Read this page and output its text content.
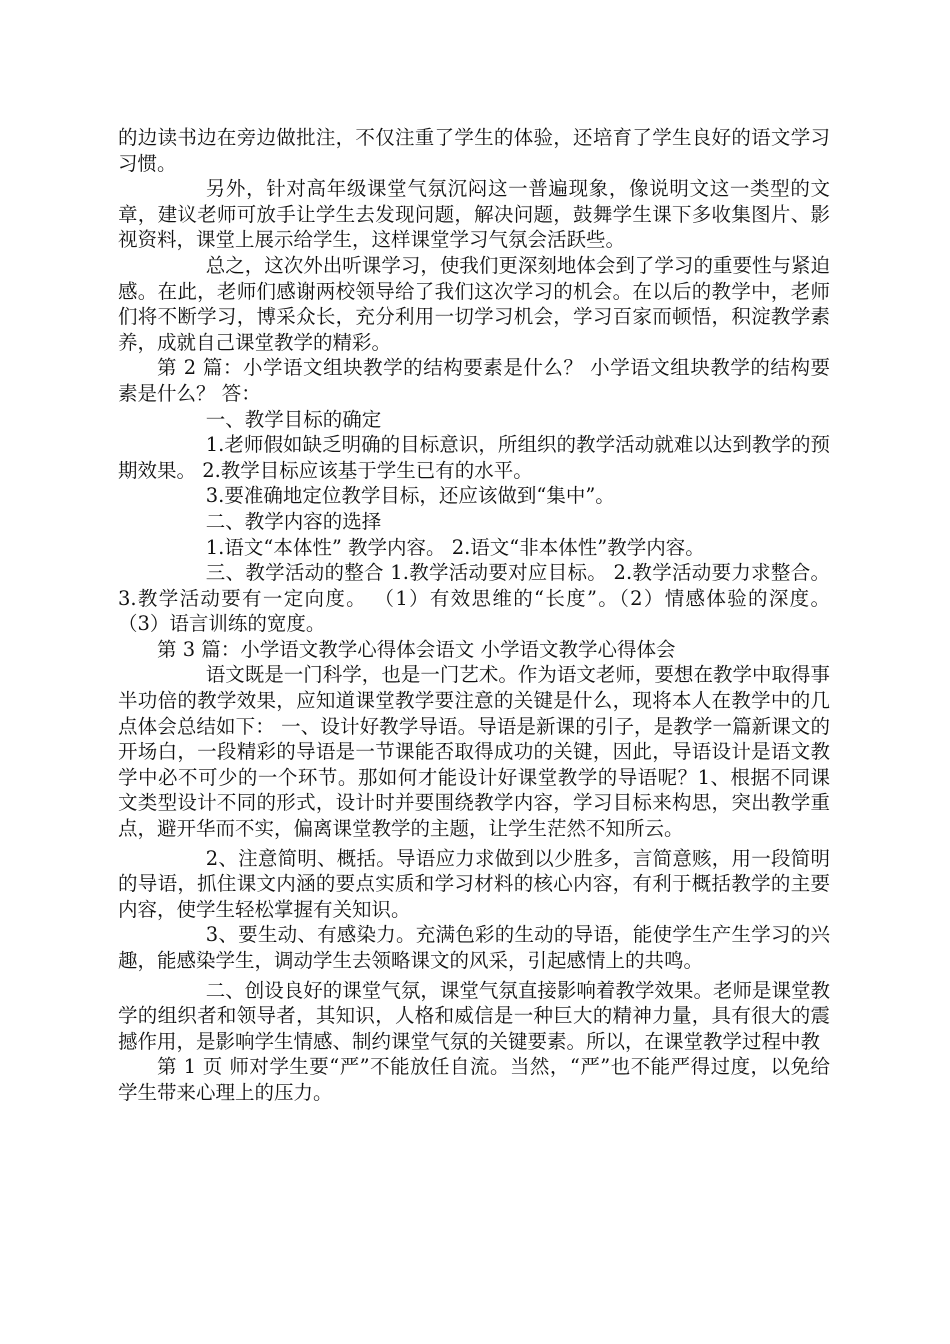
的边读书边在旁边做批注，不仅注重了学生的体验，还培育了学生良好的语文学习习惯。

另外，针对高年级课堂气氛沉闷这一普遍现象，像说明文这一类型的文章，建议老师可放手让学生去发现问题，解决问题，鼓舞学生课下多收集图片、影视资料，课堂上展示给学生，这样课堂学习气氛会活跃些。

总之，这次外出听课学习，使我们更深刻地体会到了学习的重要性与紧迫感。在此，老师们感谢两校领导给了我们这次学习的机会。在以后的教学中，老师们将不断学习，博采众长，充分利用一切学习机会，学习百家而顿悟，积淀教学素养，成就自己课堂教学的精彩。

第 2 篇：小学语文组块教学的结构要素是什么？ 小学语文组块教学的结构要素是什么？ 答：

一、教学目标的确定

1.老师假如缺乏明确的目标意识，所组织的教学活动就难以达到教学的预期效果。 2.教学目标应该基于学生已有的水平。

3.要准确地定位教学目标，还应该做到“集中”。

二、教学内容的选择

1.语文“本体性” 教学内容。 2.语文“非本体性”教学内容。

三、教学活动的整合 1.教学活动要对应目标。 2.教学活动要力求整合。 3.教学活动要有一定向度。 （1）有效思维的“长度”。（2）情感体验的深度。 （3）语言训练的宽度。

第 3 篇：小学语文教学心得体会语文 小学语文教学心得体会

语文既是一门科学，也是一门艺术。作为语文老师，要想在教学中取得事半功倍的教学效果，应知道课堂教学要注意的关键是什么，现将本人在教学中的几点体会总结如下： 一、设计好教学导语。导语是新课的引子，是教学一篇新课文的开场白，一段精彩的导语是一节课能否取得成功的关键，因此，导语设计是语文教学中必不可少的一个环节。那如何才能设计好课堂教学的导语呢？1、根据不同课文类型设计不同的形式，设计时并要围绕教学内容，学习目标来构思，突出教学重点，避开华而不实，偏离课堂教学的主题，让学生茫然不知所云。

2、注意简明、概括。导语应力求做到以少胜多，言简意赅，用一段简明的导语，抓住课文内涵的要点实质和学习材料的核心内容，有利于概括教学的主要内容，使学生轻松掌握有关知识。

3、要生动、有感染力。充满色彩的生动的导语，能使学生产生学习的兴趣，能感染学生，调动学生去领略课文的风采，引起感情上的共鸣。

二、创设良好的课堂气氛，课堂气氛直接影响着教学效果。老师是课堂教学的组织者和领导者，其知识，人格和威信是一种巨大的精神力量，具有很大的震撼作用，是影响学生情感、制约课堂气氛的关键要素。所以，在课堂教学过程中教

第 1 页 师对学生要“严”不能放任自流。当然，“严”也不能严得过度，以免给学生带来心理上的压力。
